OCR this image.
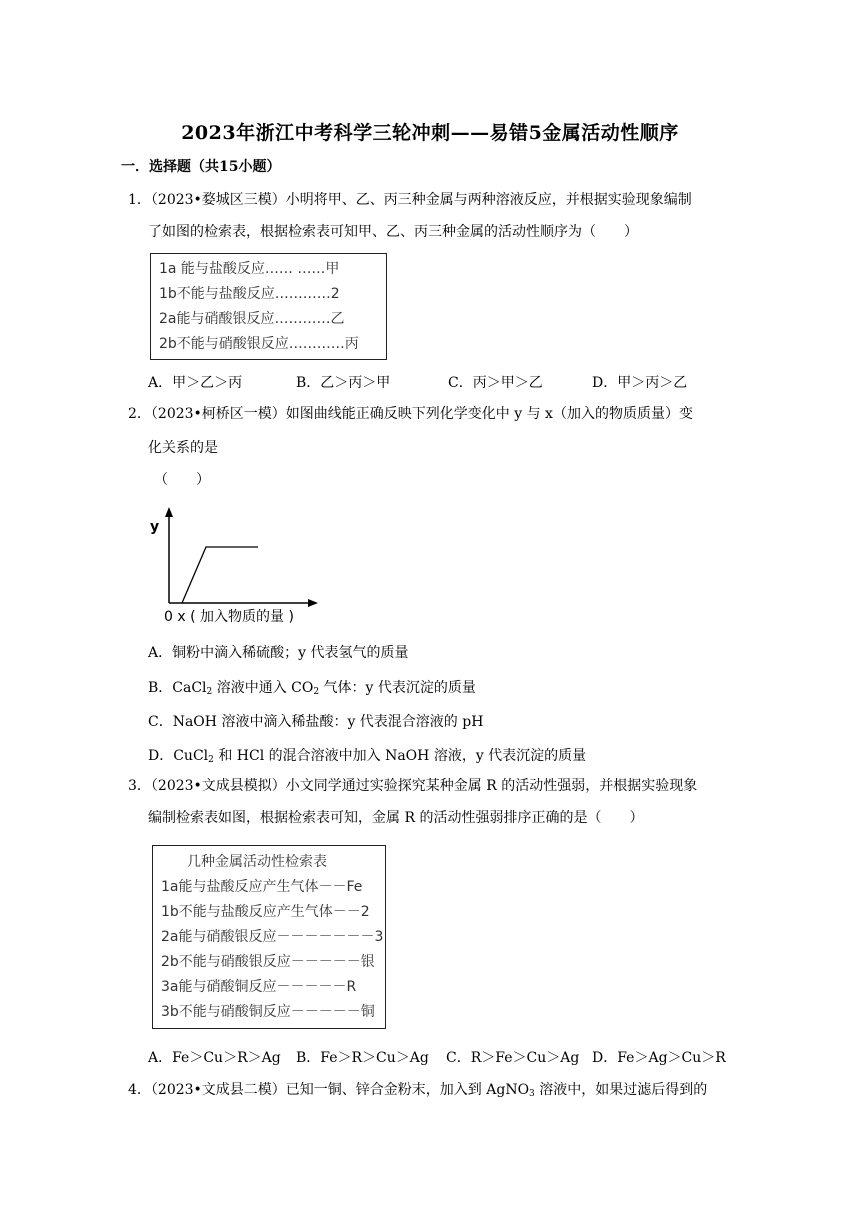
2023年浙江中考科学三轮冲刺——易错5金属活动性顺序
一．选择题（共15小题）
1．（2023•婺城区三模）小明将甲、乙、丙三种金属与两种溶液反应，并根据实验现象编制
了如图的检索表，根据检索表可知甲、乙、丙三种金属的活动性顺序为（　　）
1a 能与盐酸反应…… ……甲
1b不能与盐酸反应…………2
2a能与硝酸银反应…………乙
2b不能与硝酸银反应…………丙
A．甲＞乙＞丙	B．乙＞丙＞甲	C．丙＞甲＞乙	D．甲＞丙＞乙
2．（2023•柯桥区一模）如图曲线能正确反映下列化学变化中 y 与 x（加入的物质质量）变
化关系的是
（　　）
y
0 x ( 加入物质的量 )
A．铜粉中滴入稀硫酸；y 代表氢气的质量
B．CaCl$_2$ 溶液中通入 $CO_2$ 气体：y 代表沉淀的质量
C．NaOH 溶液中滴入稀盐酸：y 代表混合溶液的 pH
D．CuCl$_2$ 和 HCl 的混合溶液中加入 NaOH 溶液，y 代表沉淀的质量
3．（2023•文成县模拟）小文同学通过实验探究某种金属 R 的活动性强弱，并根据实验现象
编制检索表如图，根据检索表可知，金属 R 的活动性强弱排序正确的是（　　）
几种金属活动性检索表
1a能与盐酸反应产生气体－－Fe
1b不能与盐酸反应产生气体－－2
2a能与硝酸银反应－－－－－－－3
2b不能与硝酸银反应－－－－－银
3a能与硝酸铜反应－－－－－R
3b不能与硝酸铜反应－－－－－铜
A．Fe＞Cu＞R＞Ag B．Fe＞R＞Cu＞Ag C．R＞Fe＞Cu＞Ag D．Fe＞Ag＞Cu＞R
4．（2023•文成县二模）已知一铜、锌合金粉末，加入到 AgNO$_3$ 溶液中，如果过滤后得到的
